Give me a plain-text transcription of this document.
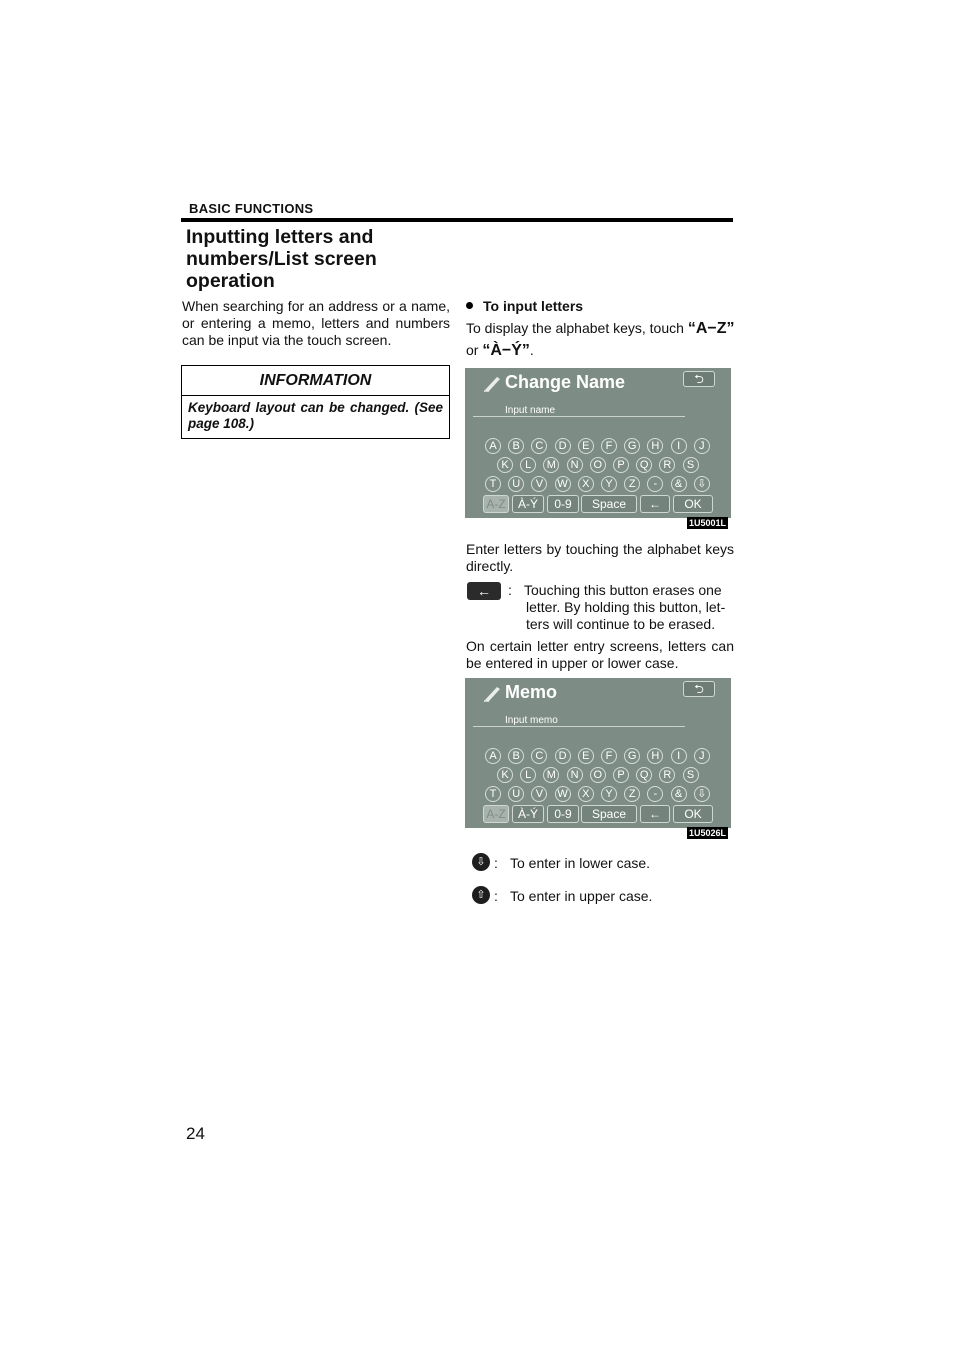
BASIC FUNCTIONS
Inputting letters and numbers/List screen operation
When searching for an address or a name, or entering a memo, letters and numbers can be input via the touch screen.
INFORMATION
Keyboard layout can be changed. (See page 108.)
To input letters
To display the alphabet keys, touch “A−Z”
or “À−Ý”.
Change Name	⮌
Input name
A	B	C	D	E	F	G	H	I	J
K	L	M	N	O	P	Q	R	S
T	U	V	W	X	Y	Z	-	&	⇩
A-Z	À-Ý	0-9	Space	←	OK
1U5001L
Enter letters by touching the alphabet keys directly.
←	: Touching this button erases one
letter. By holding this button, let-
ters will continue to be erased.
On certain letter entry screens, letters can be entered in upper or lower case.
Memo	⮌
Input memo
A	B	C	D	E	F	G	H	I	J
K	L	M	N	O	P	Q	R	S
T	U	V	W	X	Y	Z	-	&	⇩
A-Z	À-Ý	0-9	Space	←	OK
1U5026L
⇩ : To enter in lower case.
⇧ : To enter in upper case.
24
